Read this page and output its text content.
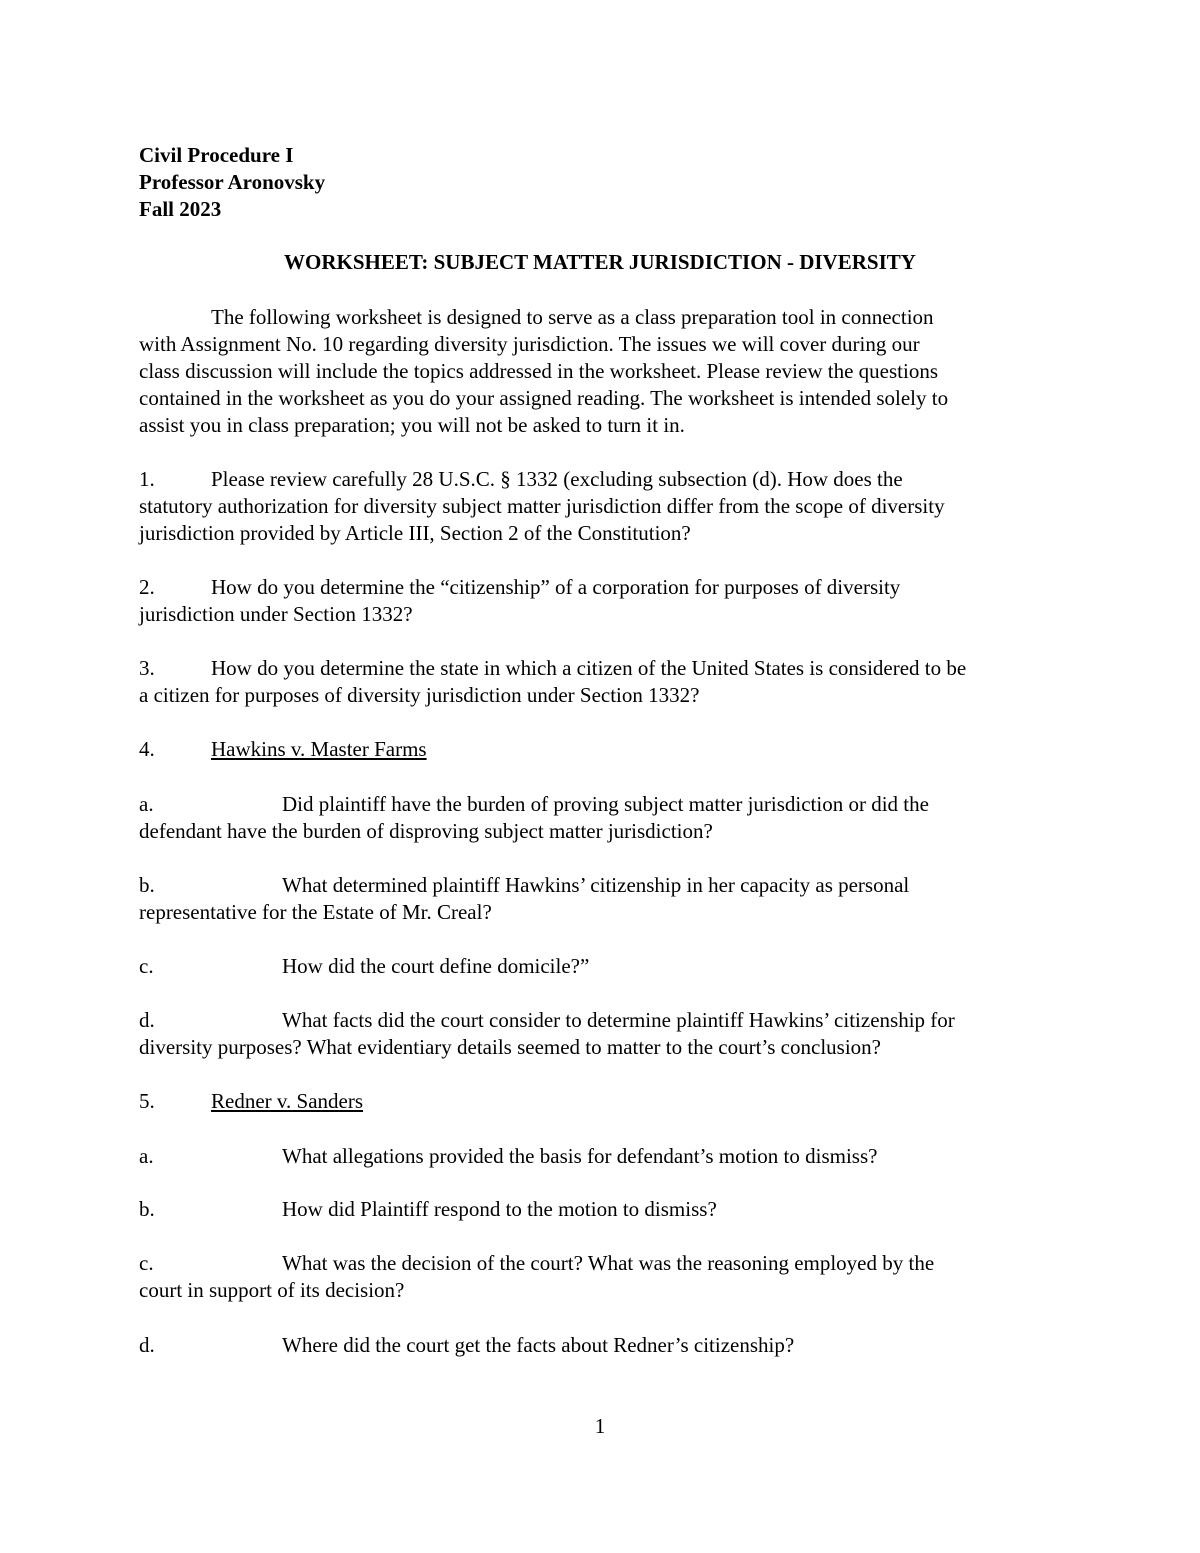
Civil Procedure I
Professor Aronovsky
Fall 2023
WORKSHEET: SUBJECT MATTER JURISDICTION - DIVERSITY
The following worksheet is designed to serve as a class preparation tool in connection
with Assignment No. 10 regarding diversity jurisdiction. The issues we will cover during our
class discussion will include the topics addressed in the worksheet. Please review the questions
contained in the worksheet as you do your assigned reading. The worksheet is intended solely to
assist you in class preparation; you will not be asked to turn it in.
1.	Please review carefully 28 U.S.C. § 1332 (excluding subsection (d). How does the
statutory authorization for diversity subject matter jurisdiction differ from the scope of diversity
jurisdiction provided by Article III, Section 2 of the Constitution?
2.	How do you determine the “citizenship” of a corporation for purposes of diversity
jurisdiction under Section 1332?
3.	How do you determine the state in which a citizen of the United States is considered to be
a citizen for purposes of diversity jurisdiction under Section 1332?
4.	Hawkins v. Master Farms
a.	Did plaintiff have the burden of proving subject matter jurisdiction or did the
defendant have the burden of disproving subject matter jurisdiction?
b.	What determined plaintiff Hawkins’ citizenship in her capacity as personal
representative for the Estate of Mr. Creal?
c.	How did the court define domicile?”
d.	What facts did the court consider to determine plaintiff Hawkins’ citizenship for
diversity purposes? What evidentiary details seemed to matter to the court’s conclusion?
5.	Redner v. Sanders
a.	What allegations provided the basis for defendant’s motion to dismiss?
b.	How did Plaintiff respond to the motion to dismiss?
c.	What was the decision of the court? What was the reasoning employed by the
court in support of its decision?
d.	Where did the court get the facts about Redner’s citizenship?
1
